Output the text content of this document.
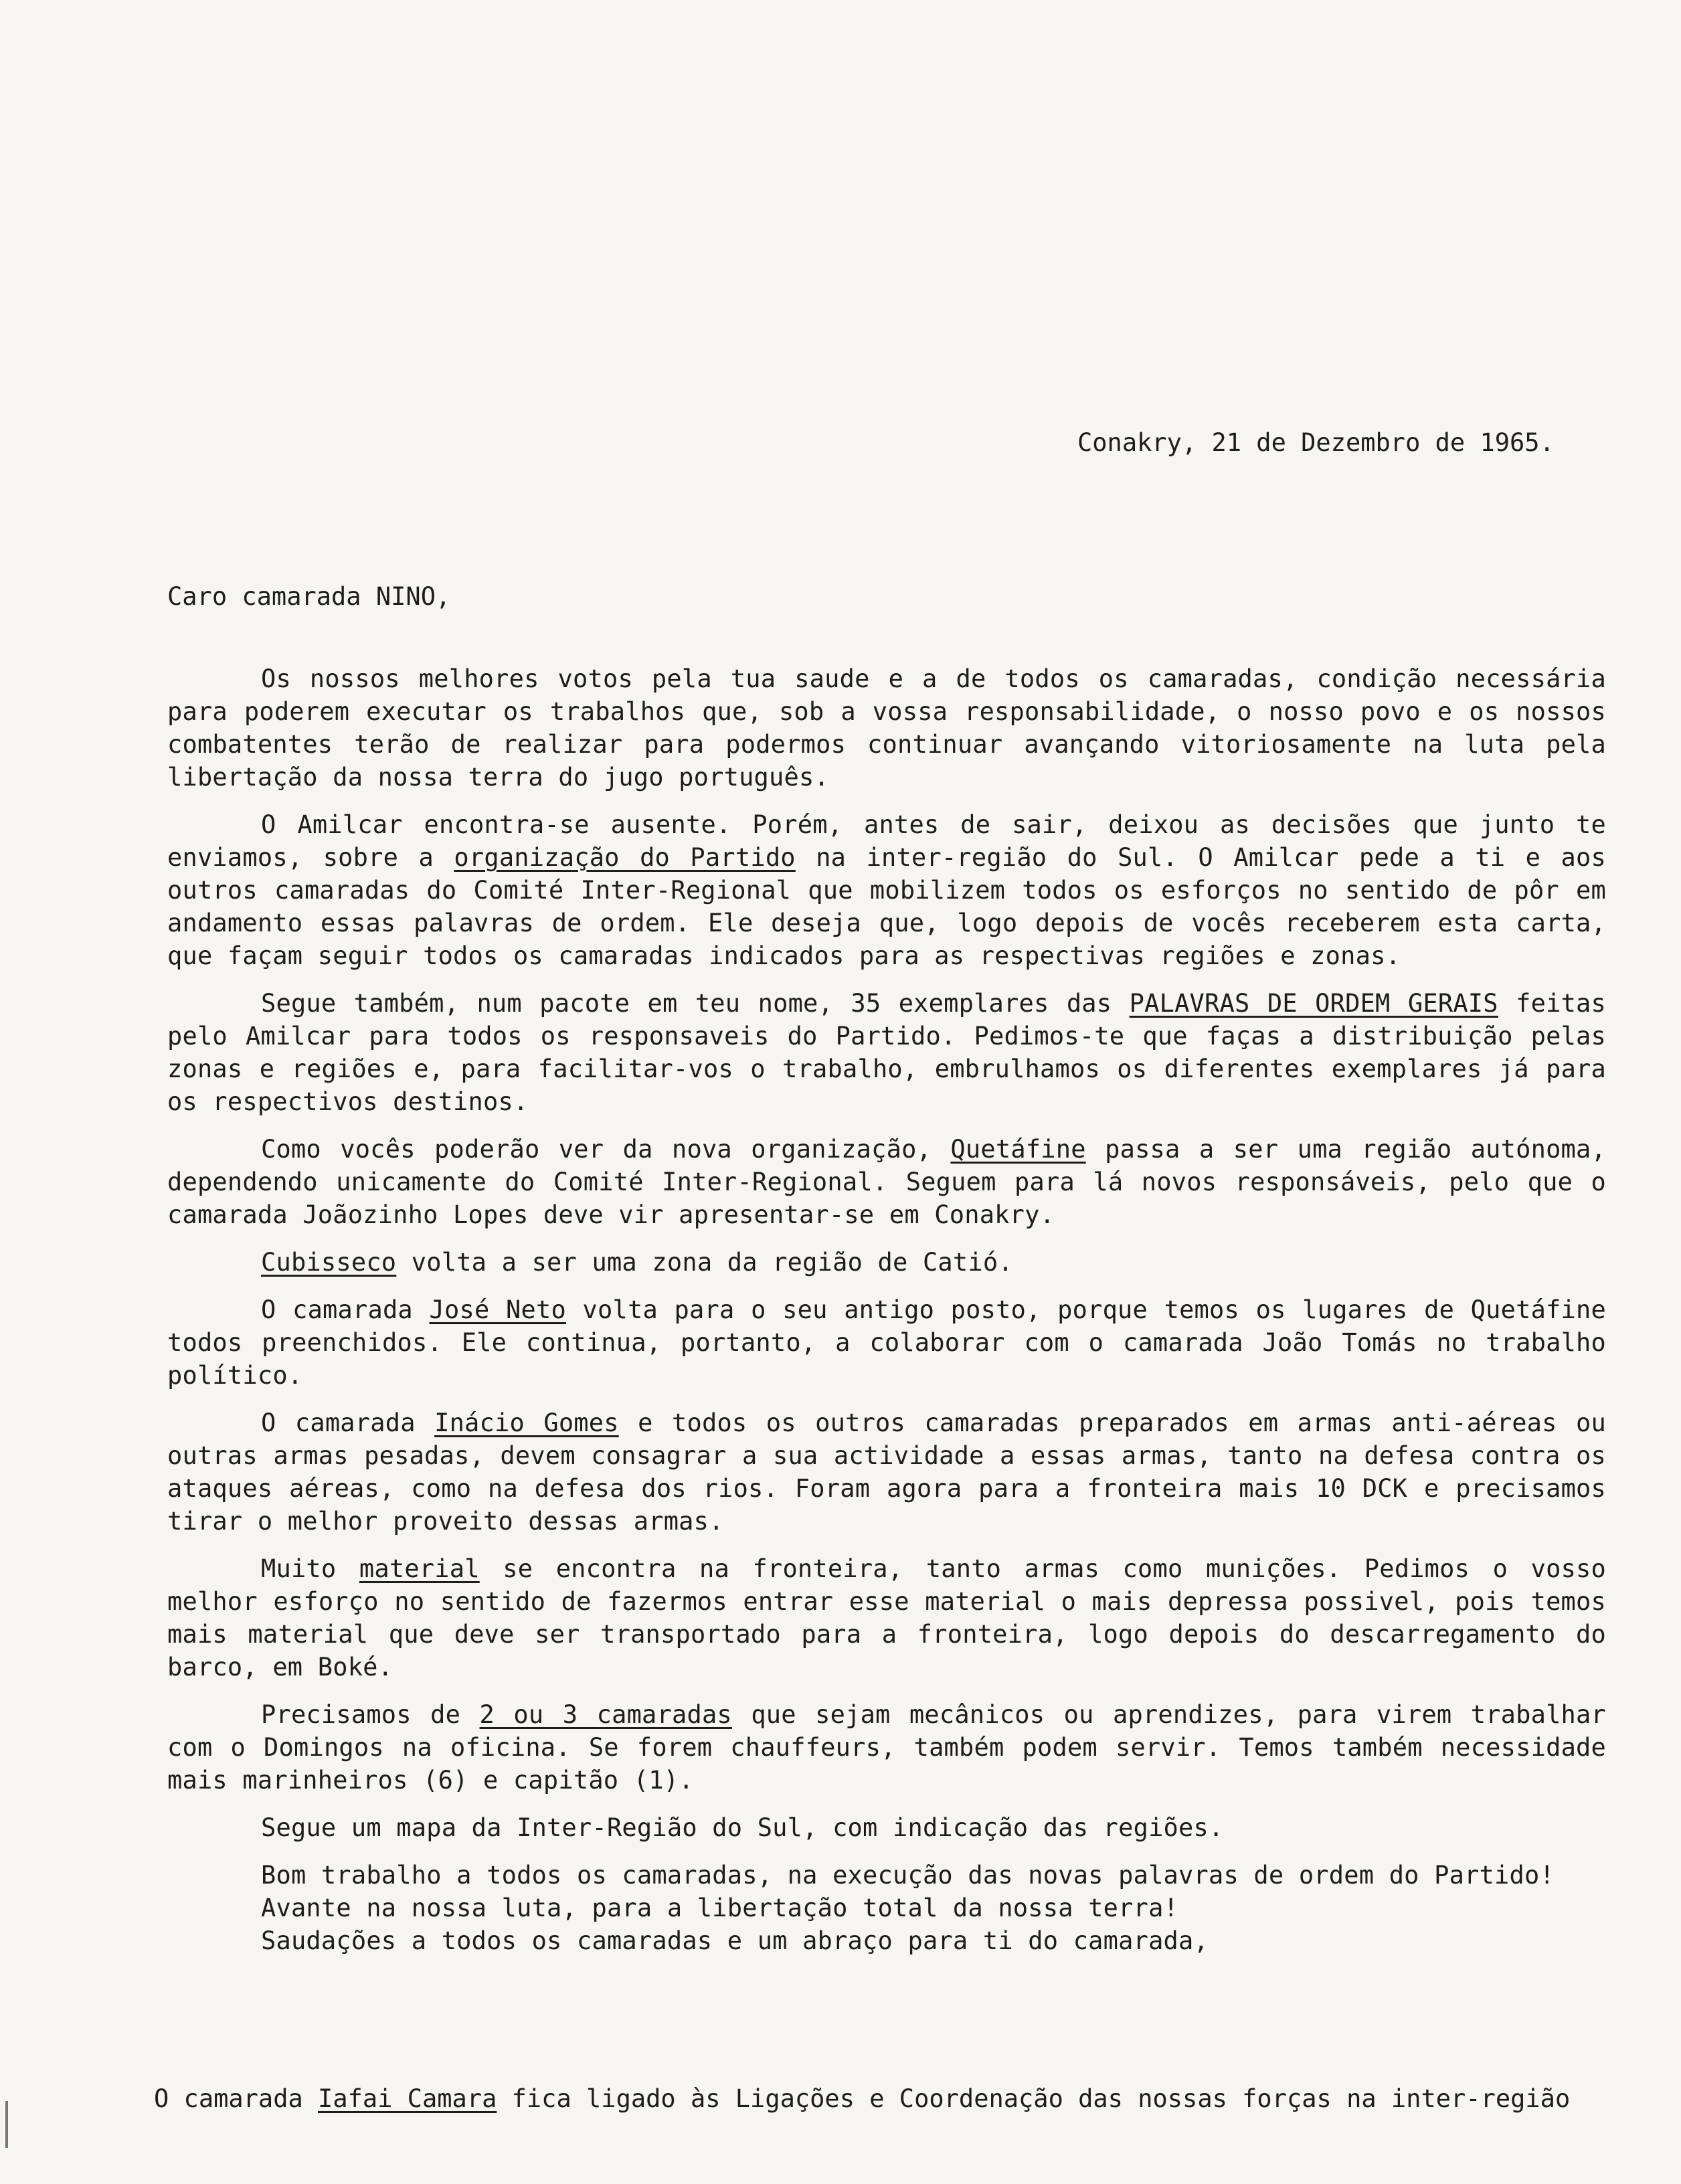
Conakry, 21 de Dezembro de 1965.
Caro camarada NINO,

Os nossos melhores votos pela tua saude e a de todos os camaradas, condição necessária para poderem executar os trabalhos que, sob a vossa responsabilidade, o nosso povo e os nossos combatentes terão de realizar para podermos continuar avançando vitoriosamente na luta pela libertação da nossa terra do jugo português.

O Amilcar encontra-se ausente. Porém, antes de sair, deixou as decisões que junto te enviamos, sobre a organização do Partido na inter-região do Sul. O Amilcar pede a ti e aos outros camaradas do Comité Inter-Regional que mobilizem todos os esforços no sentido de pôr em andamento essas palavras de ordem. Ele deseja que, logo depois de vocês receberem esta carta, que façam seguir todos os camaradas indicados para as respectivas regiões e zonas.

Segue também, num pacote em teu nome, 35 exemplares das PALAVRAS DE ORDEM GERAIS feitas pelo Amilcar para todos os responsaveis do Partido. Pedimos-te que faças a distribuição pelas zonas e regiões e, para facilitar-vos o trabalho, embrulhamos os diferentes exemplares já para os respectivos destinos.

Como vocês poderão ver da nova organização, Quetáfine passa a ser uma região autónoma, dependendo unicamente do Comité Inter-Regional. Seguem para lá novos responsáveis, pelo que o camarada Joãozinho Lopes deve vir apresentar-se em Conakry.

Cubisseco volta a ser uma zona da região de Catió.

O camarada José Neto volta para o seu antigo posto, porque temos os lugares de Quetáfine todos preenchidos. Ele continua, portanto, a colaborar com o camarada João Tomás no trabalho político.

O camarada Inácio Gomes e todos os outros camaradas preparados em armas anti-aéreas ou outras armas pesadas, devem consagrar a sua actividade a essas armas, tanto na defesa contra os ataques aéreas, como na defesa dos rios. Foram agora para a fronteira mais 10 DCK e precisamos tirar o melhor proveito dessas armas.

Muito material se encontra na fronteira, tanto armas como munições. Pedimos o vosso melhor esforço no sentido de fazermos entrar esse material o mais depressa possivel, pois temos mais material que deve ser transportado para a fronteira, logo depois do descarregamento do barco, em Boké.

Precisamos de 2 ou 3 camaradas que sejam mecânicos ou aprendizes, para virem trabalhar com o Domingos na oficina. Se forem chauffeurs, também podem servir. Temos também necessidade mais marinheiros (6) e capitão (1).

Segue um mapa da Inter-Região do Sul, com indicação das regiões.

Bom trabalho a todos os camaradas, na execução das novas palavras de ordem do Partido!

Avante na nossa luta, para a libertação total da nossa terra!

Saudações a todos os camaradas e um abraço para ti do camarada,

O camarada Iafai Camara fica ligado às Ligações e Coordenação das nossas forças na inter-região
